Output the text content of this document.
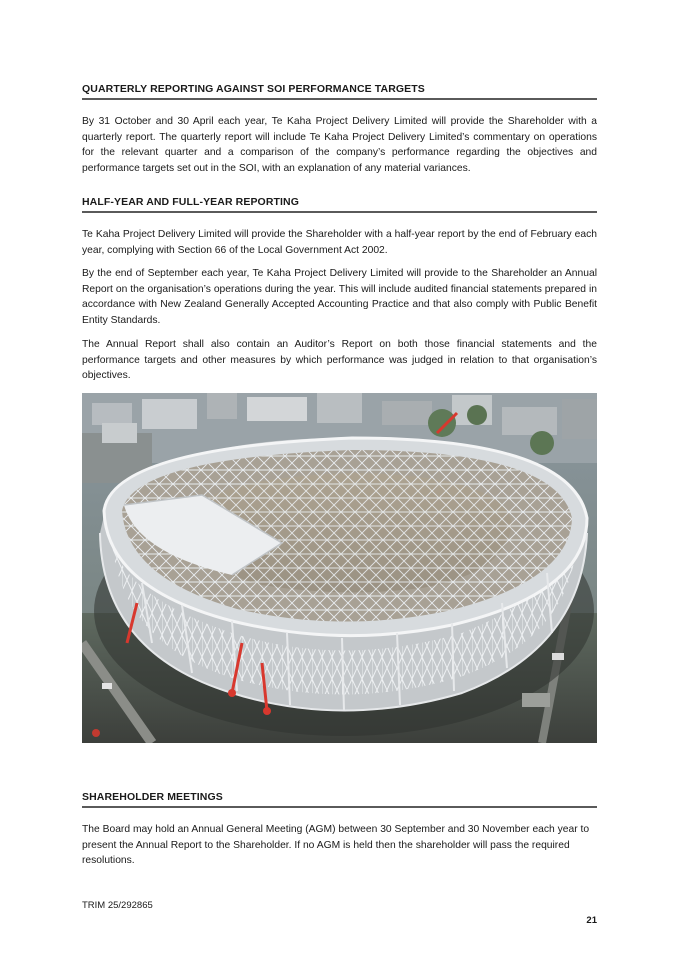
QUARTERLY REPORTING AGAINST SOI PERFORMANCE TARGETS

By 31 October and 30 April each year, Te Kaha Project Delivery Limited will provide the Shareholder with a quarterly report. The quarterly report will include Te Kaha Project Delivery Limited’s commentary on operations for the relevant quarter and a comparison of the company’s performance regarding the objectives and performance targets set out in the SOI, with an explanation of any material variances.

HALF-YEAR AND FULL-YEAR REPORTING

Te Kaha Project Delivery Limited will provide the Shareholder with a half-year report by the end of February each year, complying with Section 66 of the Local Government Act 2002.

By the end of September each year, Te Kaha Project Delivery Limited will provide to the Shareholder an Annual Report on the organisation’s operations during the year. This will include audited financial statements prepared in accordance with New Zealand Generally Accepted Accounting Practice and that also comply with Public Benefit Entity Standards.

The Annual Report shall also contain an Auditor’s Report on both those financial statements and the performance targets and other measures by which performance was judged in relation to that organisation’s objectives.

SHAREHOLDER MEETINGS

The Board may hold an Annual General Meeting (AGM) between 30 September and 30 November each year to present the Annual Report to the Shareholder. If no AGM is held then the shareholder will pass the required resolutions.

TRIM 25/292865
21
